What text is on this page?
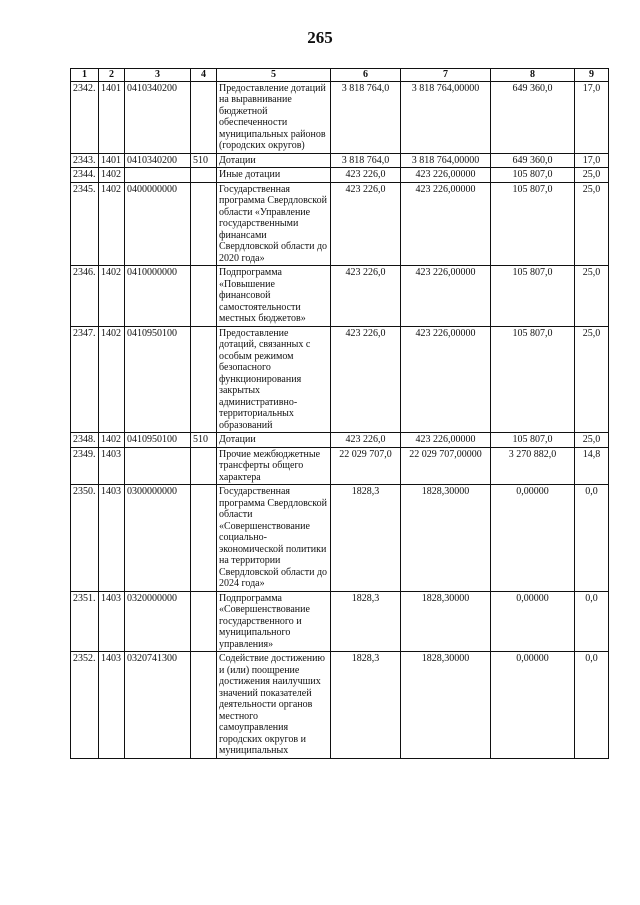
265
1	2	3	4	5	6	7	8	9
2342.	1401	0410340200		Предоставление дотаций на выравнивание бюджетной обеспеченности муниципальных районов (городских округов)	3 818 764,0	3 818 764,00000	649 360,0	17,0
2343.	1401	0410340200	510	Дотации	3 818 764,0	3 818 764,00000	649 360,0	17,0
2344.	1402			Иные дотации	423 226,0	423 226,00000	105 807,0	25,0
2345.	1402	0400000000		Государственная программа Свердловской области «Управление государственными финансами Свердловской области до 2020 года»	423 226,0	423 226,00000	105 807,0	25,0
2346.	1402	0410000000		Подпрограмма «Повышение финансовой самостоятельности местных бюджетов»	423 226,0	423 226,00000	105 807,0	25,0
2347.	1402	0410950100		Предоставление дотаций, связанных с особым режимом безопасного функционирования закрытых административно-территориальных образований	423 226,0	423 226,00000	105 807,0	25,0
2348.	1402	0410950100	510	Дотации	423 226,0	423 226,00000	105 807,0	25,0
2349.	1403			Прочие межбюджетные трансферты общего характера	22 029 707,0	22 029 707,00000	3 270 882,0	14,8
2350.	1403	0300000000		Государственная программа Свердловской области «Совершенствование социально-экономической политики на территории Свердловской области до 2024 года»	1828,3	1828,30000	0,00000	0,0
2351.	1403	0320000000		Подпрограмма «Совершенствование государственного и муниципального управления»	1828,3	1828,30000	0,00000	0,0
2352.	1403	0320741300		Содействие достижению и (или) поощрение достижения наилучших значений показателей деятельности органов местного самоуправления городских округов и муниципальных	1828,3	1828,30000	0,00000	0,0
